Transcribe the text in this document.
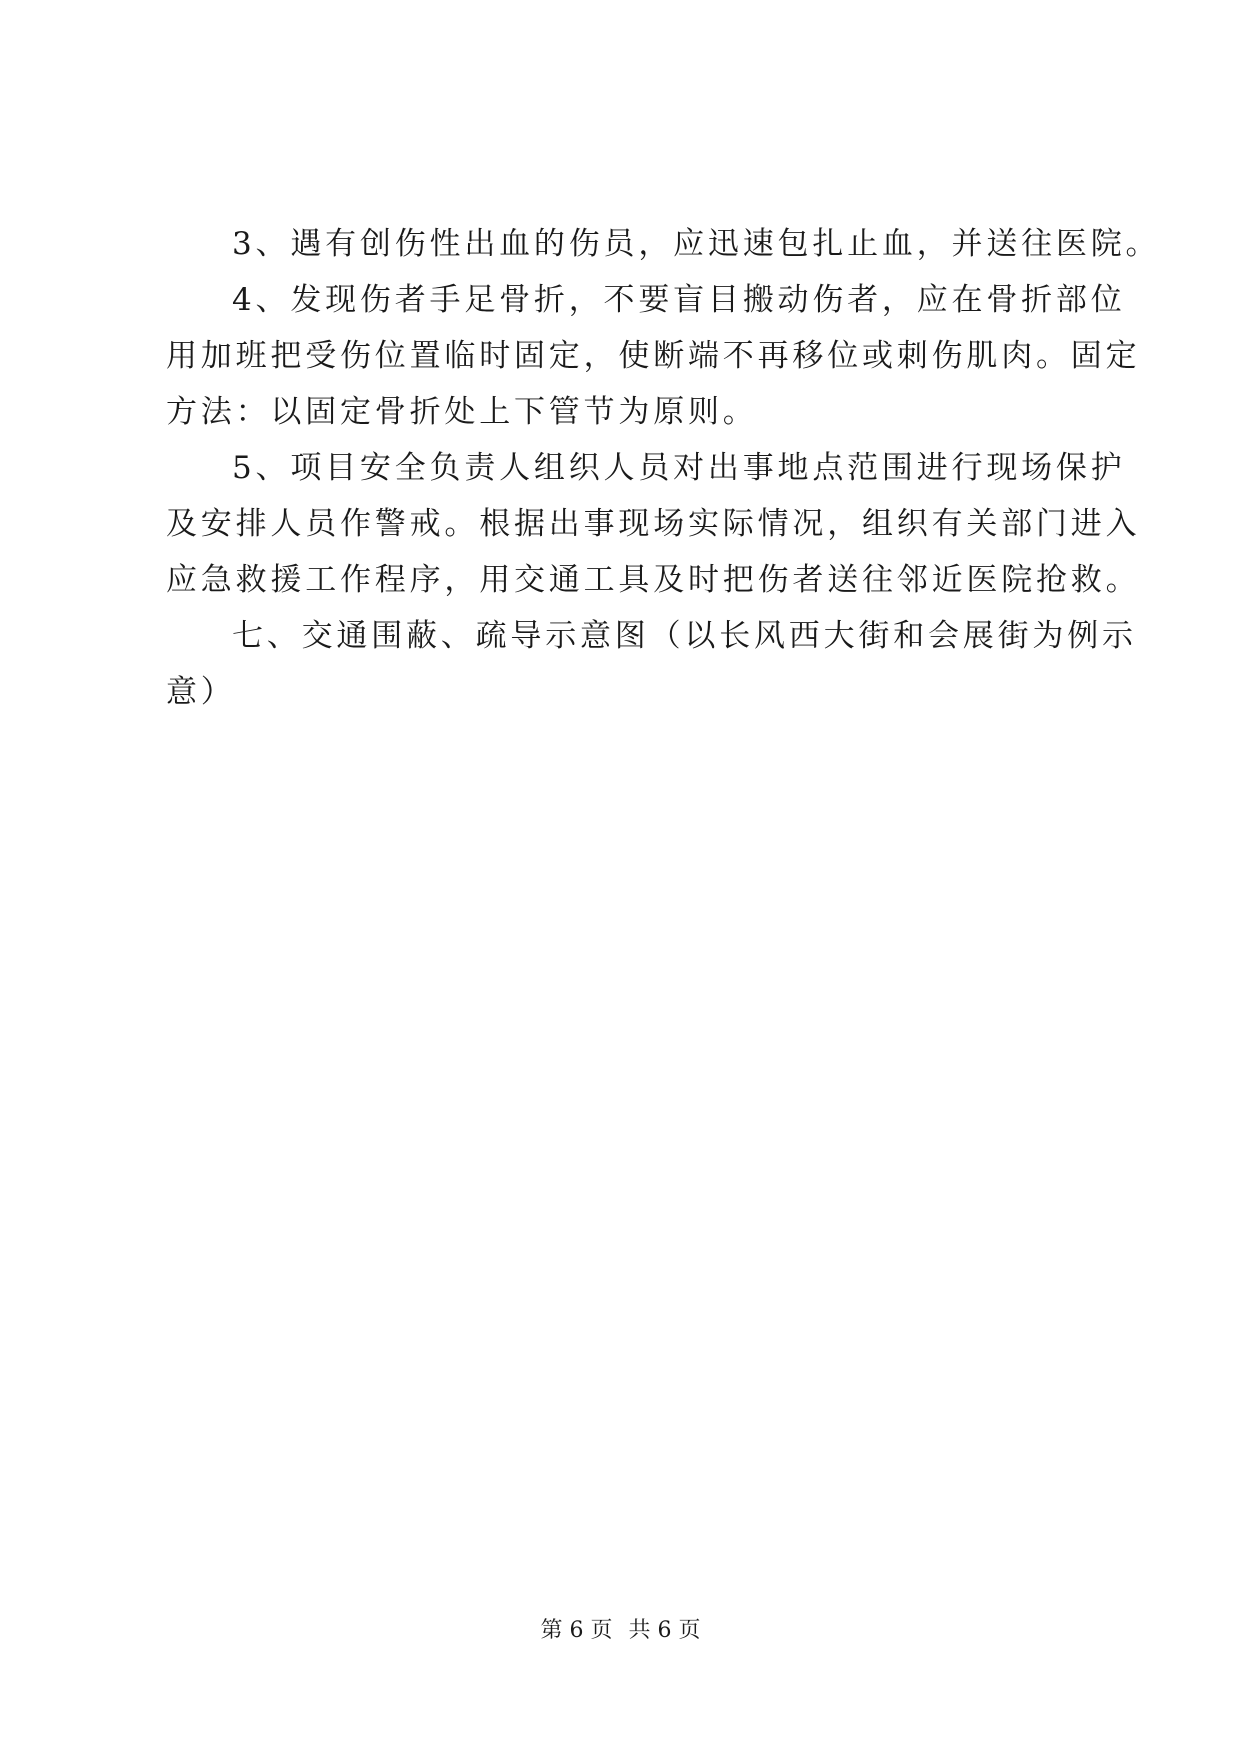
3、遇有创伤性出血的伤员，应迅速包扎止血，并送往医院。
4、发现伤者手足骨折，不要盲目搬动伤者，应在骨折部位
用加班把受伤位置临时固定，使断端不再移位或刺伤肌肉。固定
方法：以固定骨折处上下管节为原则。
5、项目安全负责人组织人员对出事地点范围进行现场保护
及安排人员作警戒。根据出事现场实际情况，组织有关部门进入
应急救援工作程序，用交通工具及时把伤者送往邻近医院抢救。
七、交通围蔽、疏导示意图（以长风西大街和会展街为例示
意）
第 6 页 共 6 页
